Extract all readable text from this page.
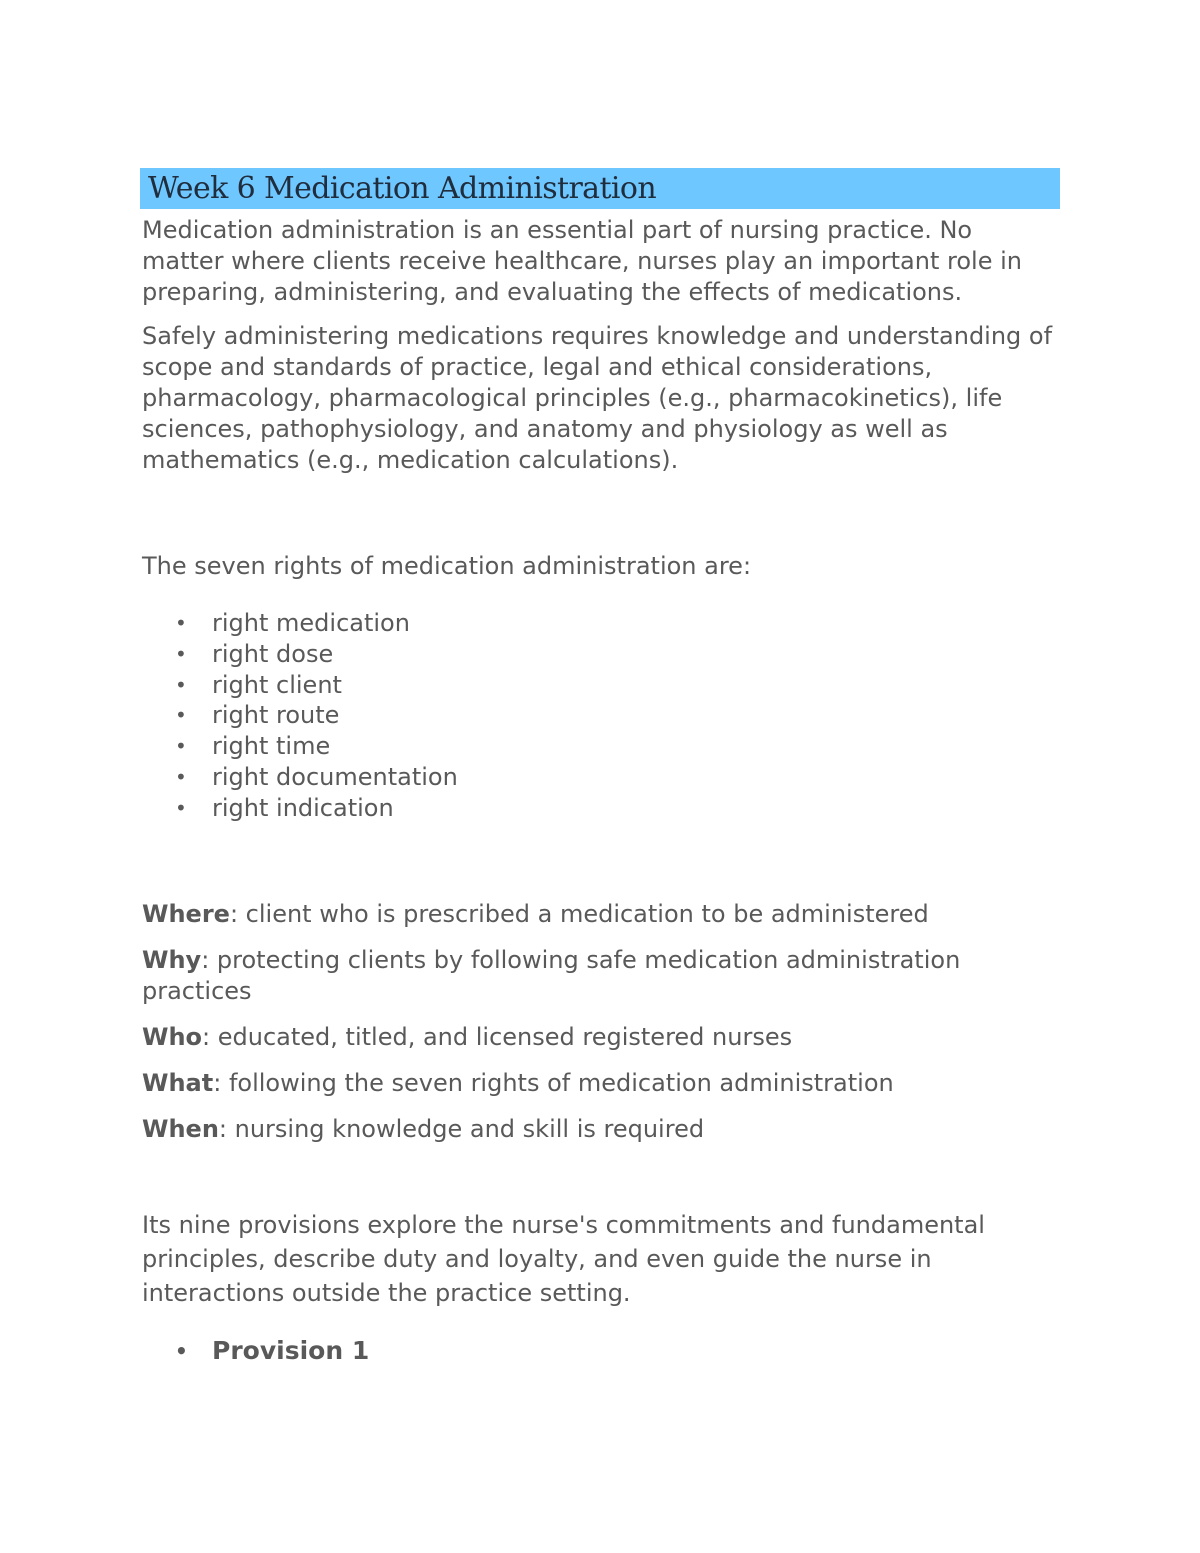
Week 6 Medication Administration

Medication administration is an essential part of nursing practice. No matter where clients receive healthcare, nurses play an important role in preparing, administering, and evaluating the effects of medications.

Safely administering medications requires knowledge and understanding of scope and standards of practice, legal and ethical considerations, pharmacology, pharmacological principles (e.g., pharmacokinetics), life sciences, pathophysiology, and anatomy and physiology as well as mathematics (e.g., medication calculations).

The seven rights of medication administration are:

• right medication
• right dose
• right client
• right route
• right time
• right documentation
• right indication

Where: client who is prescribed a medication to be administered

Why: protecting clients by following safe medication administration practices

Who: educated, titled, and licensed registered nurses

What: following the seven rights of medication administration

When: nursing knowledge and skill is required

Its nine provisions explore the nurse's commitments and fundamental principles, describe duty and loyalty, and even guide the nurse in interactions outside the practice setting.

• Provision 1
